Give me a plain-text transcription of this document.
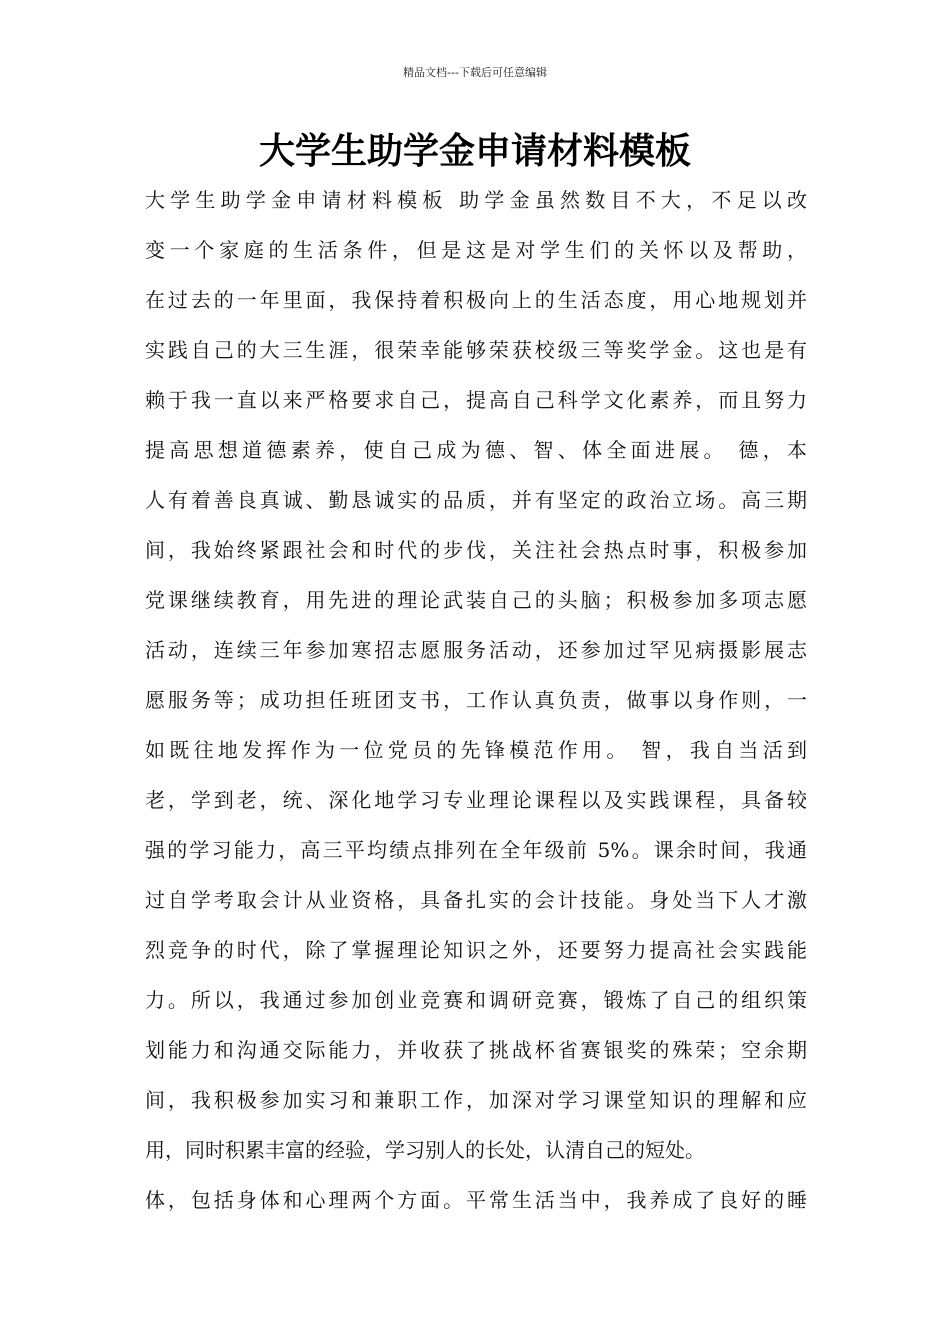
精品文档---下载后可任意编辑
大学生助学金申请材料模板
大学生助学金申请材料模板 助学金虽然数目不大，不足以改
变一个家庭的生活条件，但是这是对学生们的关怀以及帮助，
在过去的一年里面，我保持着积极向上的生活态度，用心地规划并
实践自己的大三生涯，很荣幸能够荣获校级三等奖学金。这也是有
赖于我一直以来严格要求自己，提高自己科学文化素养，而且努力
提高思想道德素养，使自己成为德、智、体全面进展。 德，本
人有着善良真诚、勤恳诚实的品质，并有坚定的政治立场。高三期
间，我始终紧跟社会和时代的步伐，关注社会热点时事，积极参加
党课继续教育，用先进的理论武装自己的头脑；积极参加多项志愿
活动，连续三年参加寒招志愿服务活动，还参加过罕见病摄影展志
愿服务等；成功担任班团支书，工作认真负责，做事以身作则，一
如既往地发挥作为一位党员的先锋模范作用。 智，我自当活到
老，学到老，统、深化地学习专业理论课程以及实践课程，具备较
强的学习能力，高三平均绩点排列在全年级前 5%。课余时间，我通
过自学考取会计从业资格，具备扎实的会计技能。身处当下人才激
烈竞争的时代，除了掌握理论知识之外，还要努力提高社会实践能
力。所以，我通过参加创业竞赛和调研竞赛，锻炼了自己的组织策
划能力和沟通交际能力，并收获了挑战杯省赛银奖的殊荣；空余期
间，我积极参加实习和兼职工作，加深对学习课堂知识的理解和应
用，同时积累丰富的经验，学习别人的长处，认清自己的短处。
体，包括身体和心理两个方面。平常生活当中，我养成了良好的睡
